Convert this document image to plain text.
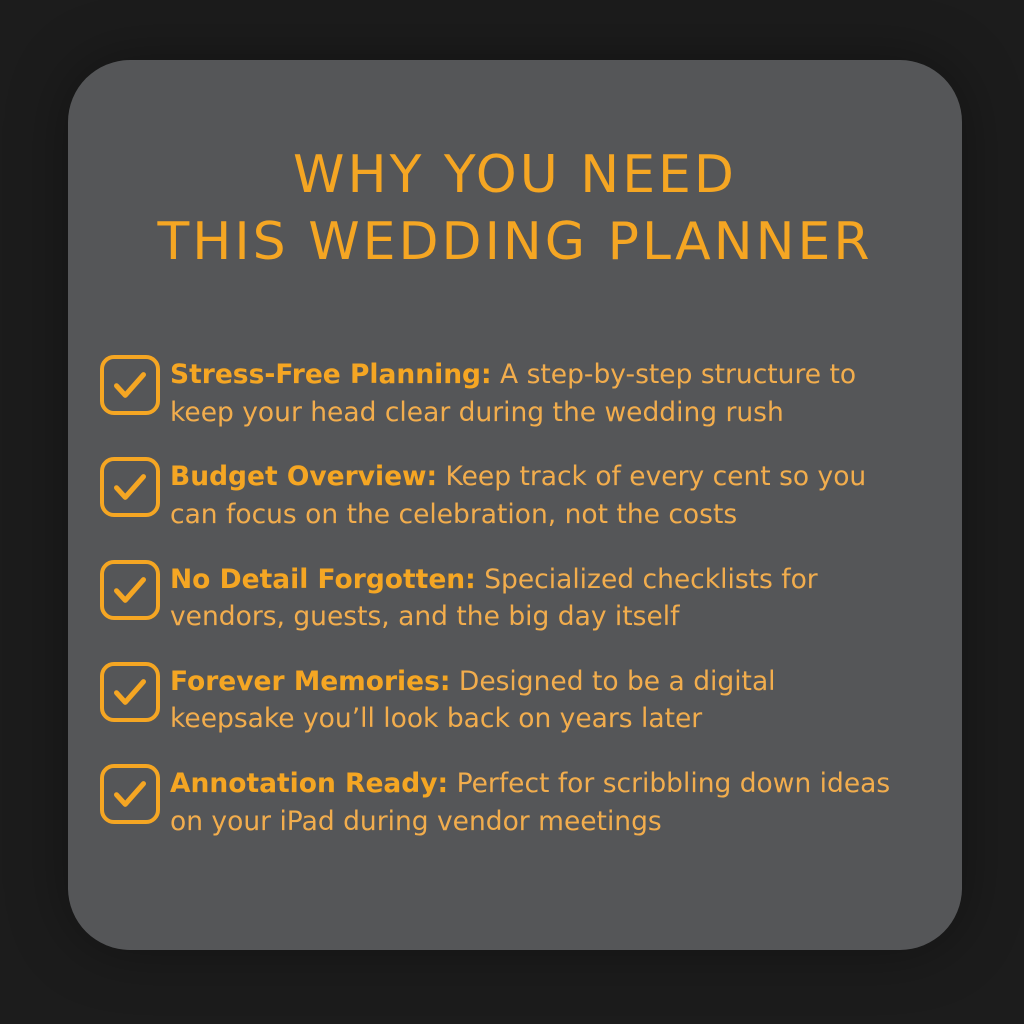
WHY YOU NEED
THIS WEDDING PLANNER
Stress-Free Planning: A step-by-step structure to keep your head clear during the wedding rush
Budget Overview: Keep track of every cent so you can focus on the celebration, not the costs
No Detail Forgotten: Specialized checklists for vendors, guests, and the big day itself
Forever Memories: Designed to be a digital keepsake you’ll look back on years later
Annotation Ready: Perfect for scribbling down ideas on your iPad during vendor meetings
